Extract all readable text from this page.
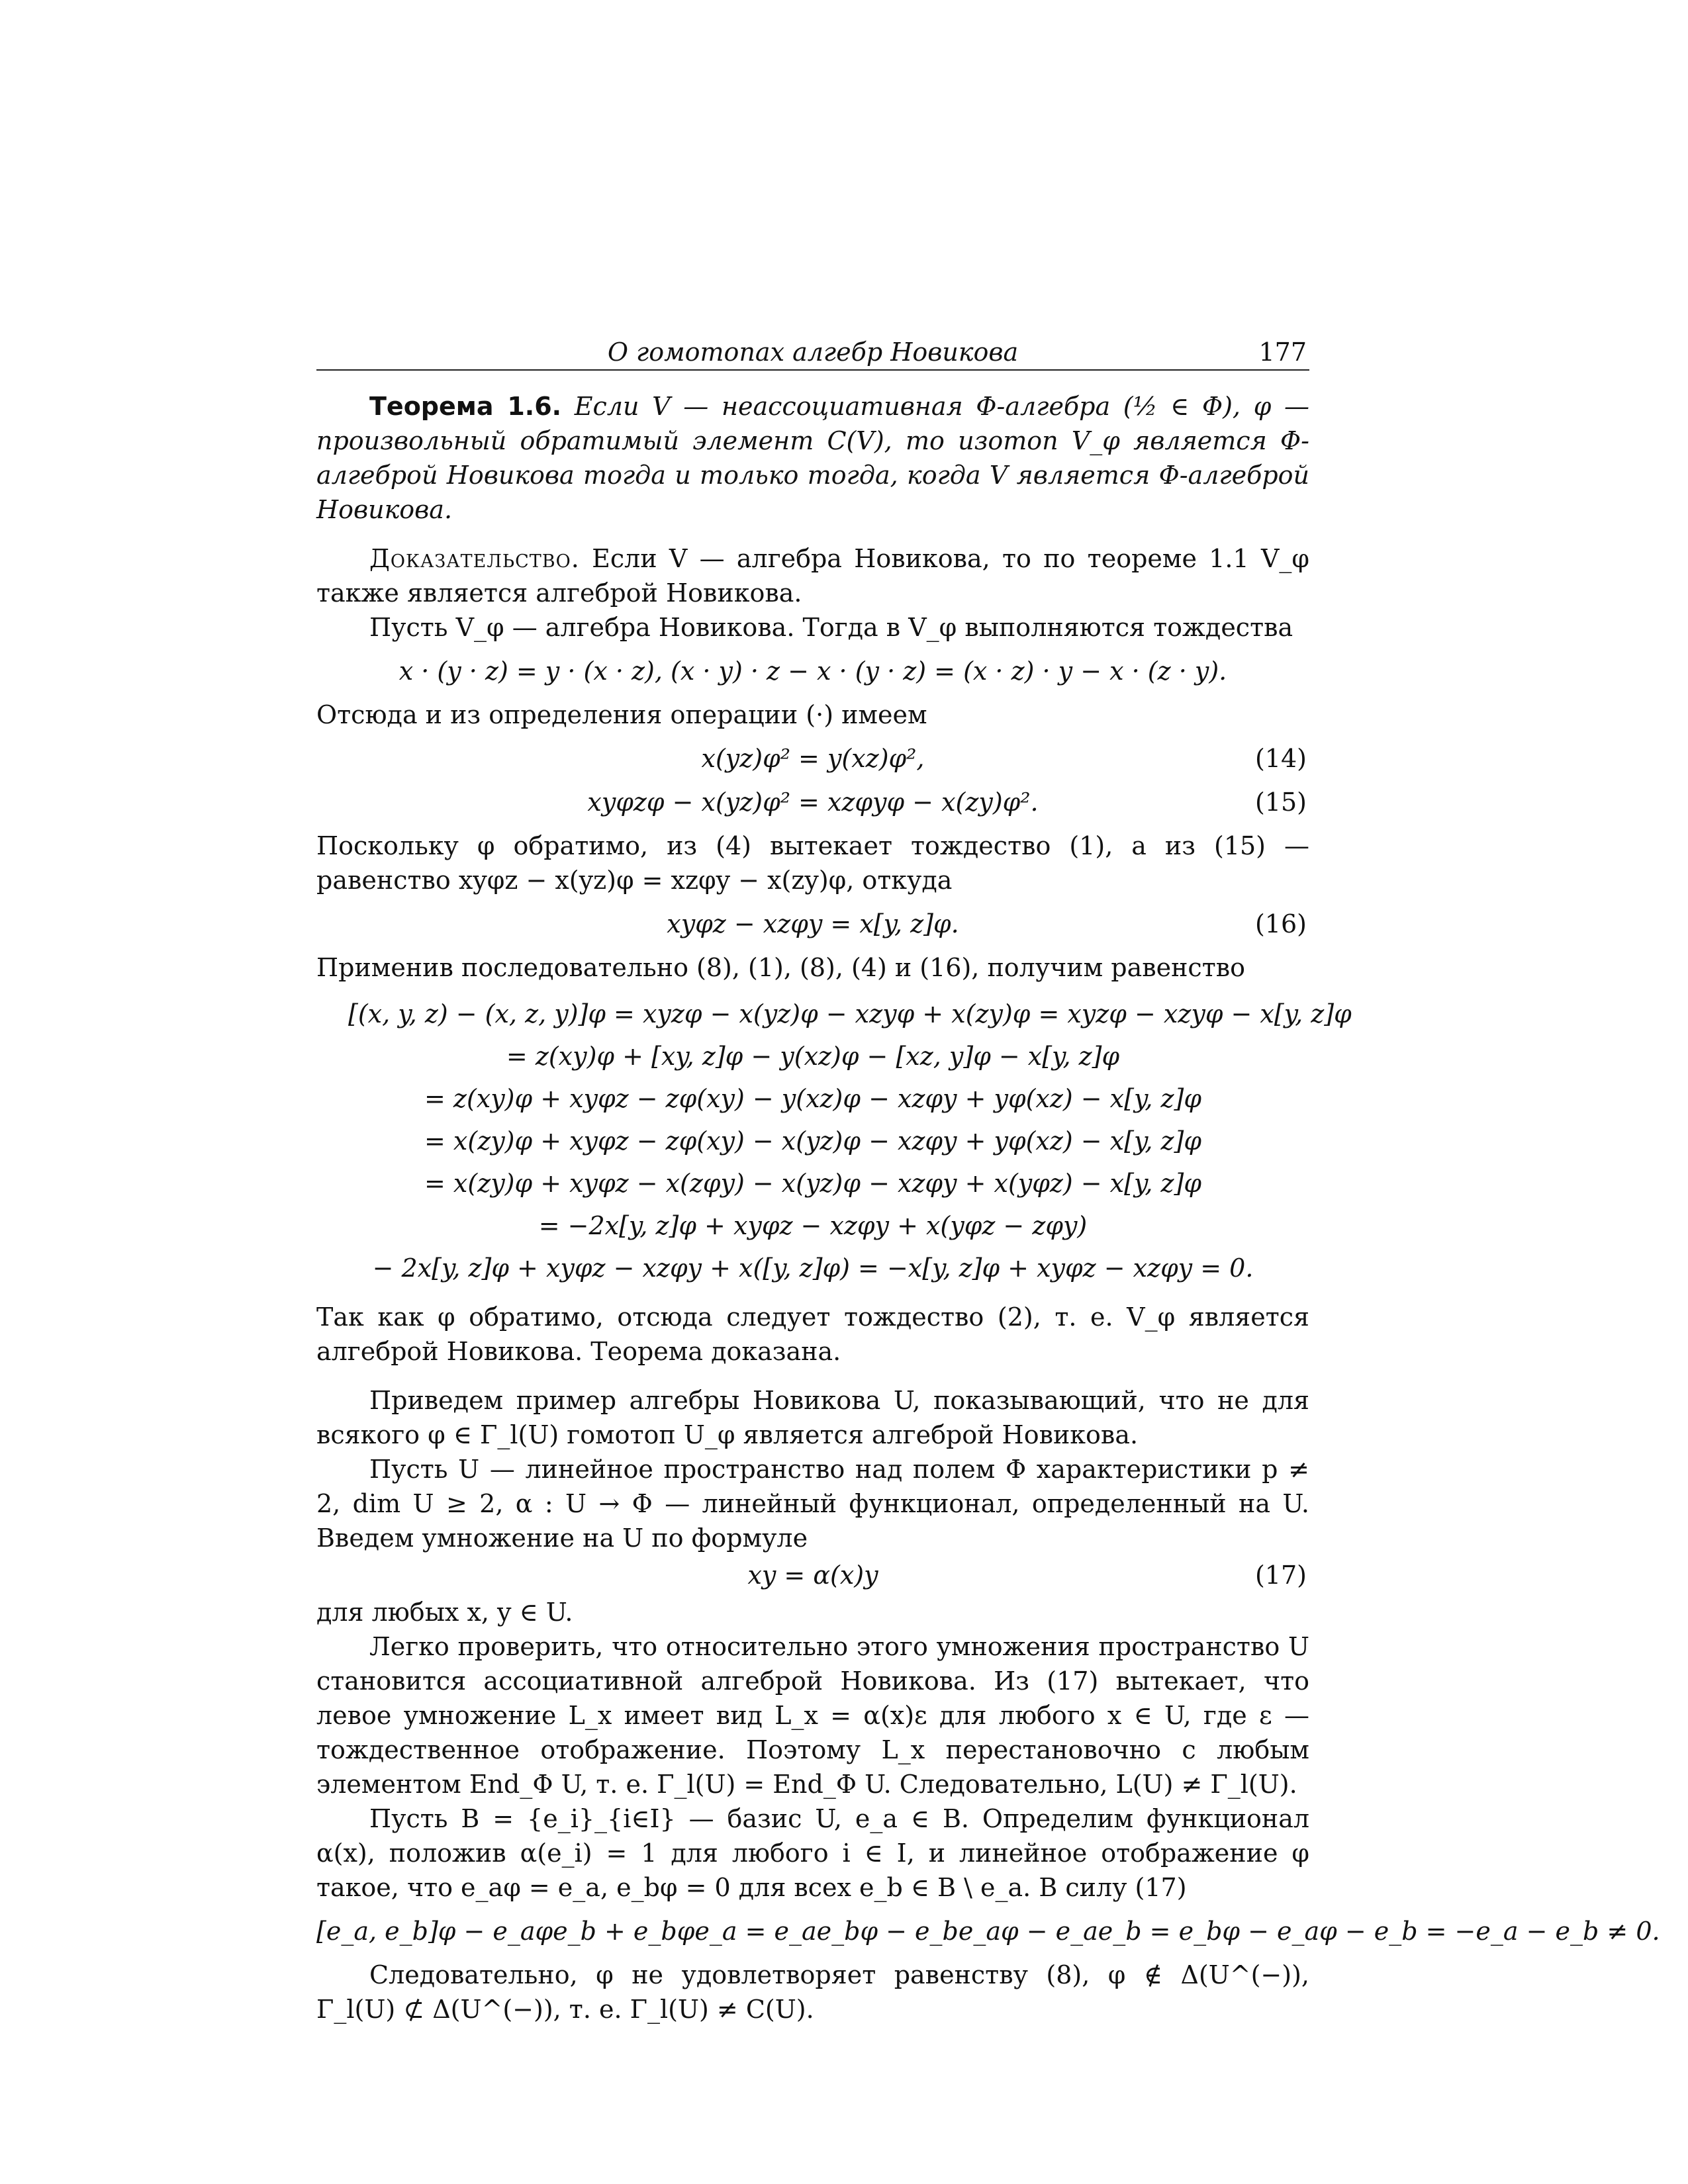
О гомотопах алгебр Новикова	177

Теорема 1.6. Если V — неассоциативная Φ-алгебра (½ ∈ Φ), φ — произвольный обратимый элемент C(V), то изотоп V_φ является Φ-алгеброй Новикова тогда и только тогда, когда V является Φ-алгеброй Новикова.

Доказательство. Если V — алгебра Новикова, то по теореме 1.1 V_φ также является алгеброй Новикова.

Пусть V_φ — алгебра Новикова. Тогда в V_φ выполняются тождества

x · (y · z) = y · (x · z), (x · y) · z − x · (y · z) = (x · z) · y − x · (z · y).

Отсюда и из определения операции (·) имеем

x(yz)φ² = y(xz)φ²,	(14)
xyφzφ − x(yz)φ² = xzφyφ − x(zy)φ².	(15)

Поскольку φ обратимо, из (4) вытекает тождество (1), а из (15) — равенство xyφz − x(yz)φ = xzφy − x(zy)φ, откуда

xyφz − xzφy = x[y, z]φ.	(16)

Применив последовательно (8), (1), (8), (4) и (16), получим равенство

[(x, y, z) − (x, z, y)]φ = xyzφ − x(yz)φ − xzyφ + x(zy)φ = xyzφ − xzyφ − x[y, z]φ
= z(xy)φ + [xy, z]φ − y(xz)φ − [xz, y]φ − x[y, z]φ
= z(xy)φ + xyφz − zφ(xy) − y(xz)φ − xzφy + yφ(xz) − x[y, z]φ
= x(zy)φ + xyφz − zφ(xy) − x(yz)φ − xzφy + yφ(xz) − x[y, z]φ
= x(zy)φ + xyφz − x(zφy) − x(yz)φ − xzφy + x(yφz) − x[y, z]φ
= −2x[y, z]φ + xyφz − xzφy + x(yφz − zφy)
− 2x[y, z]φ + xyφz − xzφy + x([y, z]φ) = −x[y, z]φ + xyφz − xzφy = 0.

Так как φ обратимо, отсюда следует тождество (2), т. е. V_φ является алгеброй Новикова. Теорема доказана.

Приведем пример алгебры Новикова U, показывающий, что не для всякого φ ∈ Γ_l(U) гомотоп U_φ является алгеброй Новикова.

Пусть U — линейное пространство над полем Φ характеристики p ≠ 2, dim U ≥ 2, α : U → Φ — линейный функционал, определенный на U. Введем умножение на U по формуле

xy = α(x)y	(17)

для любых x, y ∈ U.

Легко проверить, что относительно этого умножения пространство U становится ассоциативной алгеброй Новикова. Из (17) вытекает, что левое умножение L_x имеет вид L_x = α(x)ε для любого x ∈ U, где ε — тождественное отображение. Поэтому L_x перестановочно с любым элементом End_Φ U, т. е. Γ_l(U) = End_Φ U. Следовательно, L(U) ≠ Γ_l(U).

Пусть B = {e_i}_{i∈I} — базис U, e_a ∈ B. Определим функционал α(x), положив α(e_i) = 1 для любого i ∈ I, и линейное отображение φ такое, что e_aφ = e_a, e_bφ = 0 для всех e_b ∈ B \ e_a. В силу (17)

[e_a, e_b]φ − e_aφe_b + e_bφe_a = e_ae_bφ − e_be_aφ − e_ae_b = e_bφ − e_aφ − e_b = −e_a − e_b ≠ 0.

Следовательно, φ не удовлетворяет равенству (8), φ ∉ Δ(U^(−)), Γ_l(U) ⊄ Δ(U^(−)), т. е. Γ_l(U) ≠ C(U).
